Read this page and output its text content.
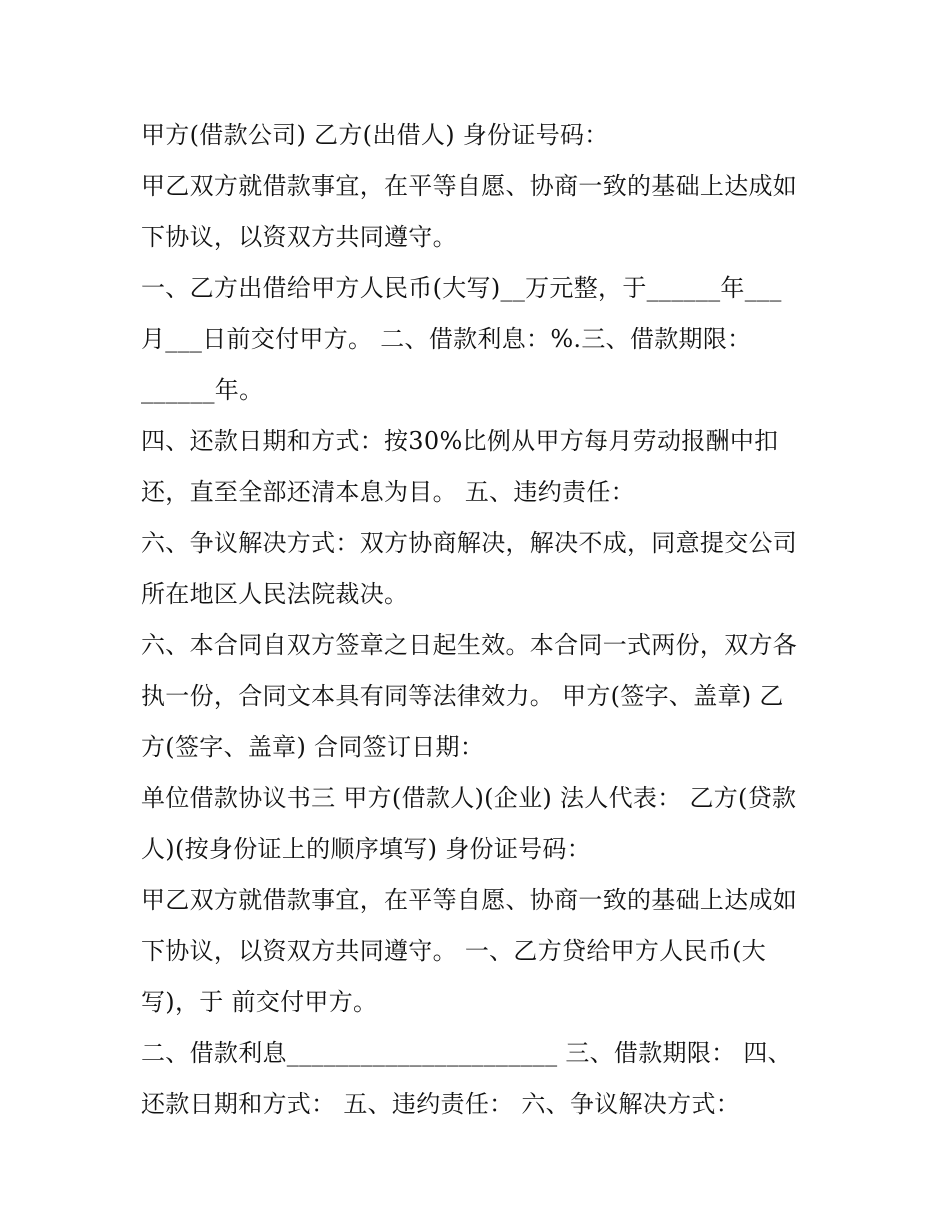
甲方(借款公司) 乙方(出借人) 身份证号码：
甲乙双方就借款事宜，在平等自愿、协商一致的基础上达成如
下协议，以资双方共同遵守。
一、乙方出借给甲方人民币(大写)__万元整，于______年___
月___日前交付甲方。 二、借款利息：%.三、借款期限：
______年。
四、还款日期和方式：按30%比例从甲方每月劳动报酬中扣
还，直至全部还清本息为目。 五、违约责任：
六、争议解决方式：双方协商解决，解决不成，同意提交公司
所在地区人民法院裁决。
六、本合同自双方签章之日起生效。本合同一式两份，双方各
执一份，合同文本具有同等法律效力。 甲方(签字、盖章) 乙
方(签字、盖章) 合同签订日期：
单位借款协议书三 甲方(借款人)(企业) 法人代表： 乙方(贷款
人)(按身份证上的顺序填写) 身份证号码：
甲乙双方就借款事宜，在平等自愿、协商一致的基础上达成如
下协议，以资双方共同遵守。 一、乙方贷给甲方人民币(大
写)，于 前交付甲方。
二、借款利息______________________ 三、借款期限： 四、
还款日期和方式： 五、违约责任： 六、争议解决方式：
